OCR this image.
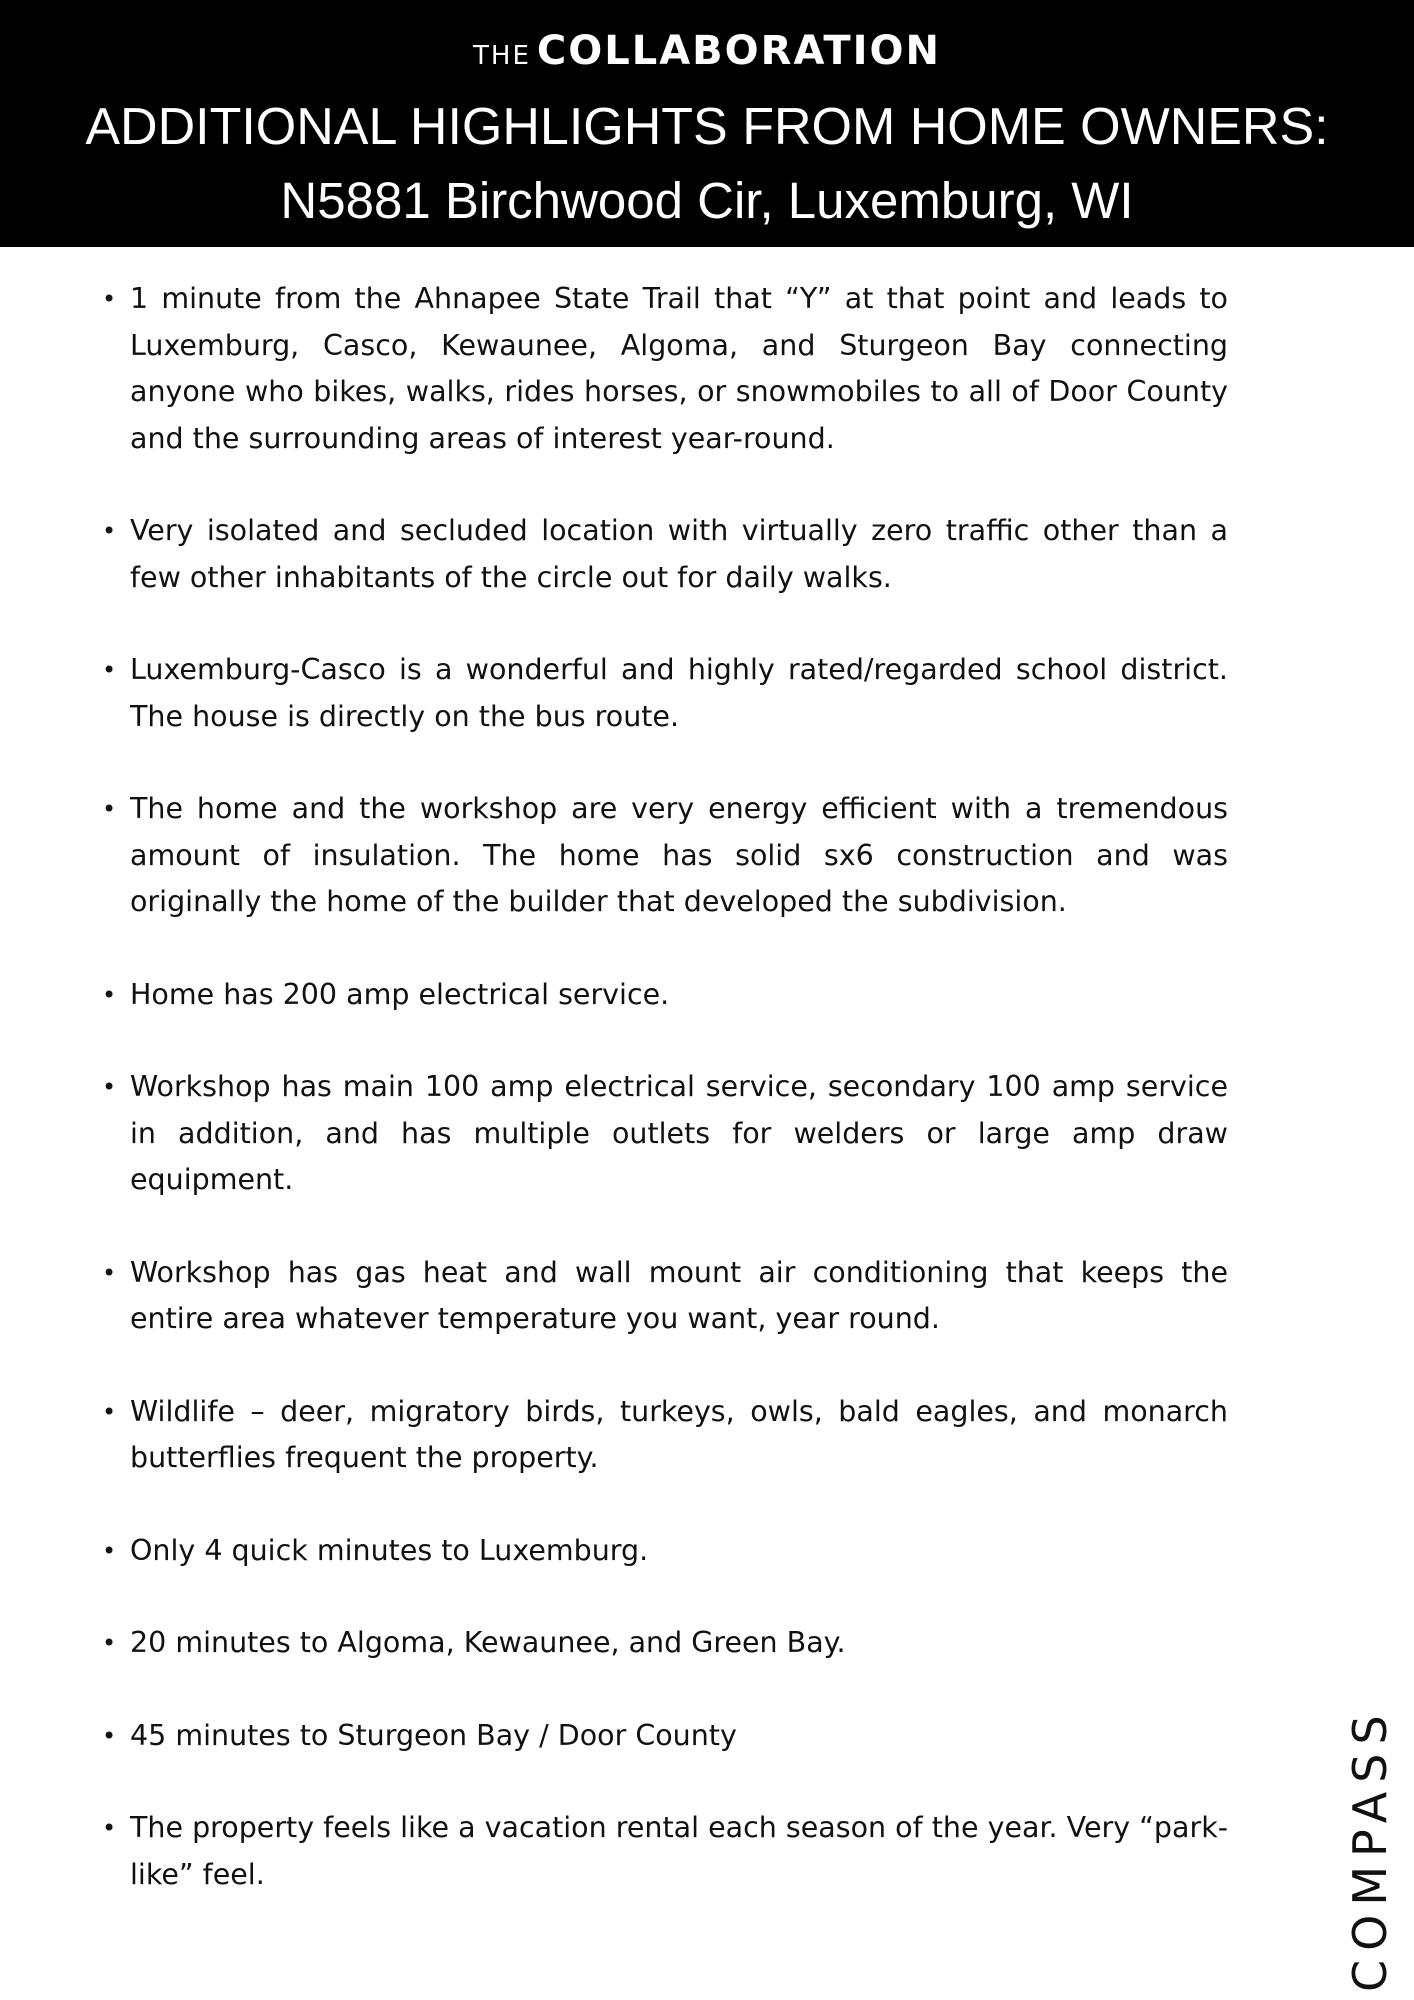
THE COLLABORATION
ADDITIONAL HIGHLIGHTS FROM HOME OWNERS:
N5881 Birchwood Cir, Luxemburg, WI
• 1 minute from the Ahnapee State Trail that “Y” at that point and leads to Luxemburg, Casco, Kewaunee, Algoma, and Sturgeon Bay connecting anyone who bikes, walks, rides horses, or snowmobiles to all of Door County and the surrounding areas of interest year-round.
• Very isolated and secluded location with virtually zero traffic other than a few other inhabitants of the circle out for daily walks.
• Luxemburg-Casco is a wonderful and highly rated/regarded school district. The house is directly on the bus route.
• The home and the workshop are very energy efficient with a tremendous amount of insulation. The home has solid sx6 construction and was originally the home of the builder that developed the subdivision.
• Home has 200 amp electrical service.
• Workshop has main 100 amp electrical service, secondary 100 amp service in addition, and has multiple outlets for welders or large amp draw equipment.
• Workshop has gas heat and wall mount air conditioning that keeps the entire area whatever temperature you want, year round.
• Wildlife – deer, migratory birds, turkeys, owls, bald eagles, and monarch butterflies frequent the property.
• Only 4 quick minutes to Luxemburg.
• 20 minutes to Algoma, Kewaunee, and Green Bay.
• 45 minutes to Sturgeon Bay / Door County
• The property feels like a vacation rental each season of the year. Very “park-like” feel.	COMPASS
